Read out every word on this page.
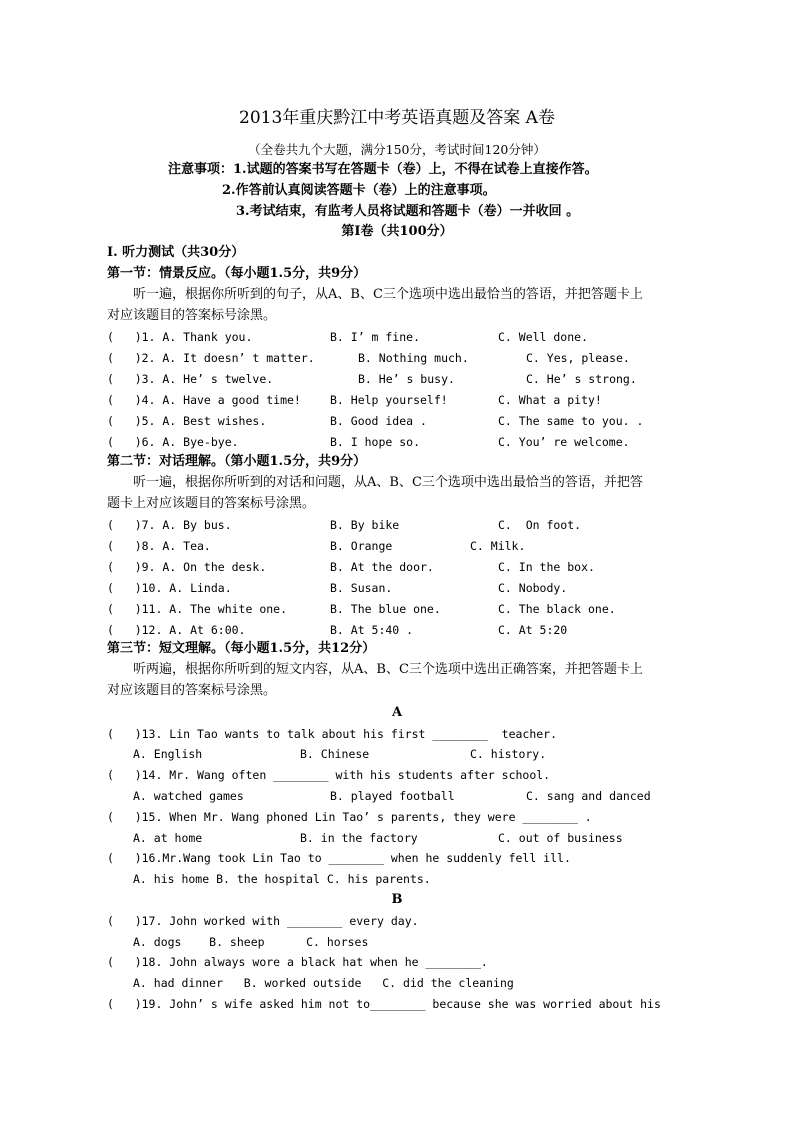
2013年重庆黔江中考英语真题及答案 A卷
（全卷共九个大题，满分150分，考试时间120分钟）
注意事项：1.试题的答案书写在答题卡（卷）上，不得在试卷上直接作答。
2.作答前认真阅读答题卡（卷）上的注意事项。
3.考试结束，有监考人员将试题和答题卡（卷）一并收回 。
第I卷（共100分）
I. 听力测试（共30分）
第一节：情景反应。（每小题1.5分，共9分）
听一遍，根据你所听到的句子，从A、B、C三个选项中选出最恰当的答语，并把答题卡上
对应该题目的答案标号涂黑。
(   )1. A. Thank you.	B. I’ m fine.	C. Well done.
(   )2. A. It doesn’ t matter.	B. Nothing much.	C. Yes, please.
(   )3. A. He’ s twelve.	B. He’ s busy.	C. He’ s strong.
(   )4. A. Have a good time!	B. Help yourself!	C. What a pity!
(   )5. A. Best wishes.	B. Good idea .	C. The same to you. .
(   )6. A. Bye-bye.	B. I hope so.	C. You’ re welcome.
第二节：对话理解。（第小题1.5分，共9分）
听一遍，根据你所听到的对话和问题，从A、B、C三个选项中选出最恰当的答语，并把答
题卡上对应该题目的答案标号涂黑。
(   )7. A. By bus.	B. By bike	C.  On foot.
(   )8. A. Tea.	B. Orange	C. Milk.
(   )9. A. On the desk.	B. At the door.	C. In the box.
(   )10. A. Linda.	B. Susan.	C. Nobody.
(   )11. A. The white one.	B. The blue one.	C. The black one.
(   )12. A. At 6:00.	B. At 5:40 .	C. At 5:20
第三节：短文理解。（每小题1.5分，共12分）
听两遍，根据你所听到的短文内容，从A、B、C三个选项中选出正确答案，并把答题卡上
对应该题目的答案标号涂黑。
A
(   )13. Lin Tao wants to talk about his first ________  teacher.
A. English	B. Chinese	C. history.
(   )14. Mr. Wang often ________ with his students after school.
A. watched games	B. played football	C. sang and danced
(   )15. When Mr. Wang phoned Lin Tao’ s parents, they were ________ .
A. at home	B. in the factory	C. out of business
(   )16.Mr.Wang took Lin Tao to ________ when he suddenly fell ill.
A. his home B. the hospital C. his parents.
B
(   )17. John worked with ________ every day.
A. dogs    B. sheep      C. horses
(   )18. John always wore a black hat when he ________.
A. had dinner   B. worked outside   C. did the cleaning
(   )19. John’ s wife asked him not to________ because she was worried about his
